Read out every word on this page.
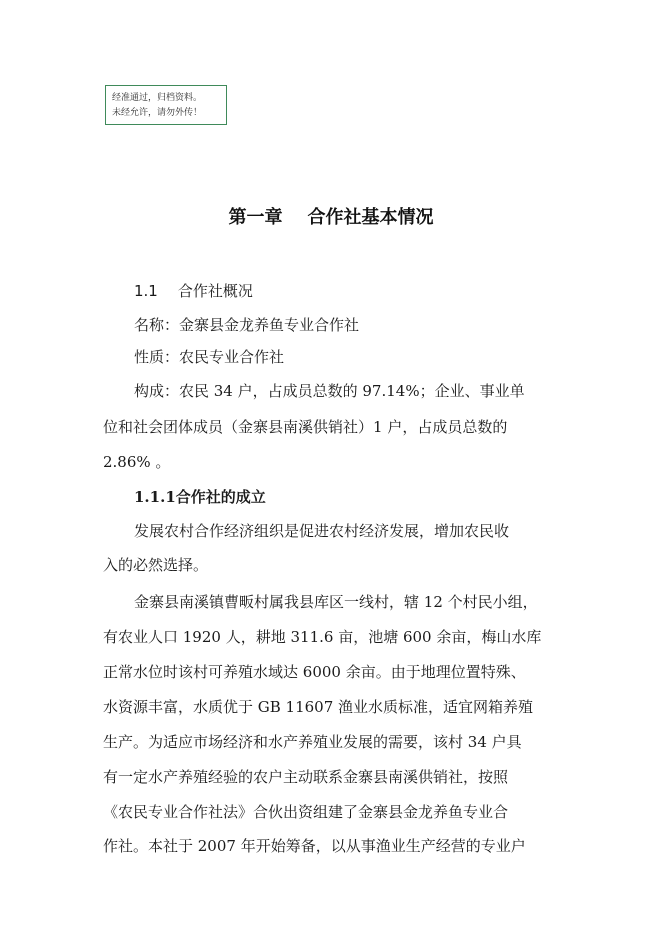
经准通过，归档资料。
未经允许，请勿外传！
第一章    合作社基本情况
1.1 合作社概况
名称：金寨县金龙养鱼专业合作社
性质：农民专业合作社
构成：农民 34 户，占成员总数的 97.14%；企业、事业单
位和社会团体成员（金寨县南溪供销社）1 户，占成员总数的
2.86% 。
1.1.1合作社的成立
发展农村合作经济组织是促进农村经济发展，增加农民收
入的必然选择。
金寨县南溪镇曹畈村属我县库区一线村，辖 12 个村民小组，
有农业人口 1920 人，耕地 311.6 亩，池塘 600 余亩，梅山水库
正常水位时该村可养殖水域达 6000 余亩。由于地理位置特殊、
水资源丰富，水质优于 GB 11607 渔业水质标准，适宜网箱养殖
生产。为适应市场经济和水产养殖业发展的需要，该村 34 户具
有一定水产养殖经验的农户主动联系金寨县南溪供销社，按照
《农民专业合作社法》合伙出资组建了金寨县金龙养鱼专业合
作社。本社于 2007 年开始筹备，以从事渔业生产经营的专业户
